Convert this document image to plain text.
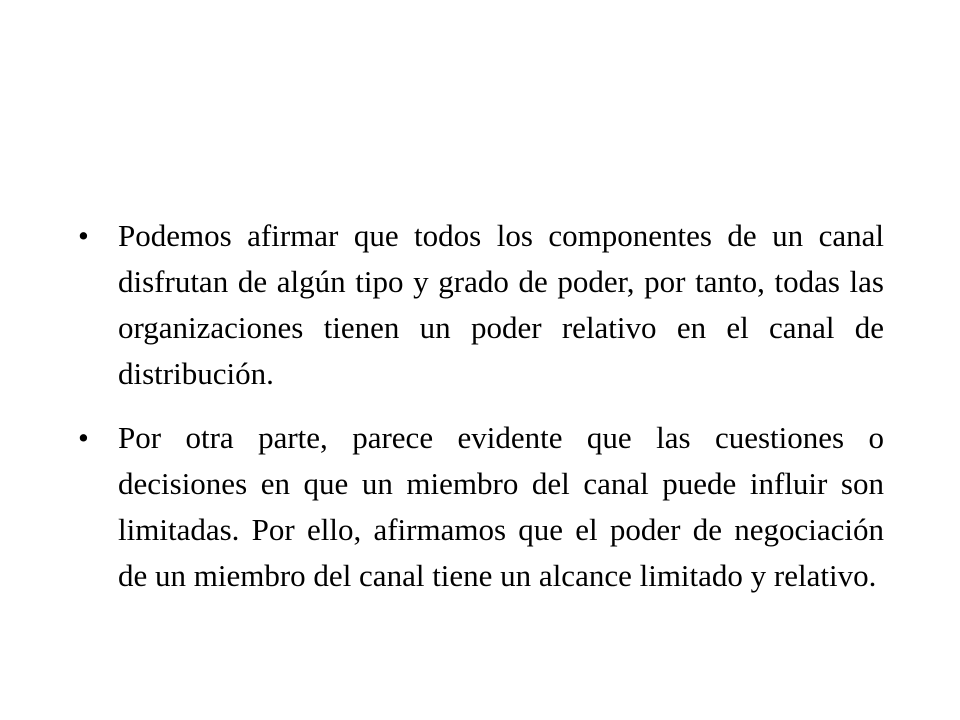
• Podemos afirmar que todos los componentes de un canal disfrutan de algún tipo y grado de poder, por tanto, todas las organizaciones tienen un poder relativo en el canal de distribución.
• Por otra parte, parece evidente que las cuestiones o decisiones en que un miembro del canal puede influir son limitadas. Por ello, afirmamos que el poder de negociación de un miembro del canal tiene un alcance limitado y relativo.
